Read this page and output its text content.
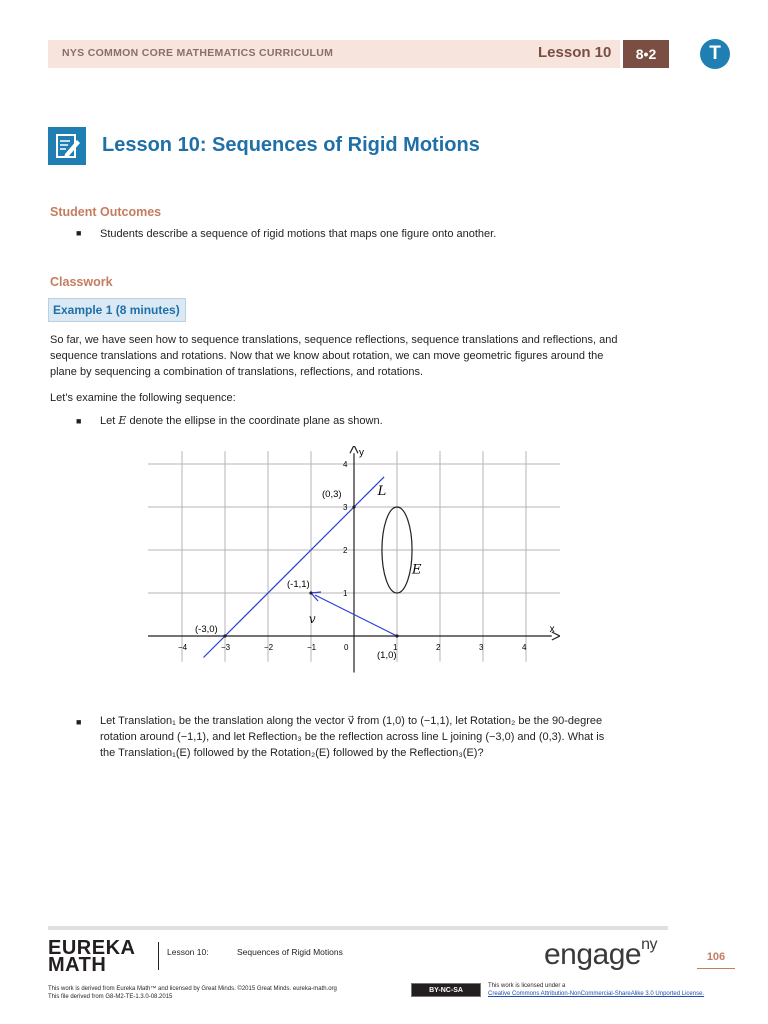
NYS COMMON CORE MATHEMATICS CURRICULUM	Lesson 10	8•2	T
Lesson 10: Sequences of Rigid Motions
Student Outcomes
■ Students describe a sequence of rigid motions that maps one figure onto another.
Classwork
Example 1 (8 minutes)
So far, we have seen how to sequence translations, sequence reflections, sequence translations and reflections, and
sequence translations and rotations. Now that we know about rotation, we can move geometric figures around the
plane by sequencing a combination of translations, reflections, and rotations.
Let’s examine the following sequence:
■ Let E denote the ellipse in the coordinate plane as shown.
x
y
−4	−3	−2	−1	0	1	2	3	4
1
2
3
4
L
E
v
(0,3)
(-1,1)
(-3,0)
(1,0)
■ Let Translation₁ be the translation along the vector v⃗ from (1,0) to (−1,1), let Rotation₂ be the 90-degree
rotation around (−1,1), and let Reflection₃ be the reflection across line L joining (−3,0) and (0,3). What is
the Translation₁(E) followed by the Rotation₂(E) followed by the Reflection₃(E)?
EUREKA
MATH
Lesson 10:	Sequences of Rigid Motions	engage$^{ny}$
106
This work is derived from Eureka Math™ and licensed by Great Minds. ©2015 Great Minds. eureka-math.org
This file derived from G8-M2-TE-1.3.0-08.2015
BY-NC-SA
This work is licensed under a
Creative Commons Attribution-NonCommercial-ShareAlike 3.0 Unported License.
